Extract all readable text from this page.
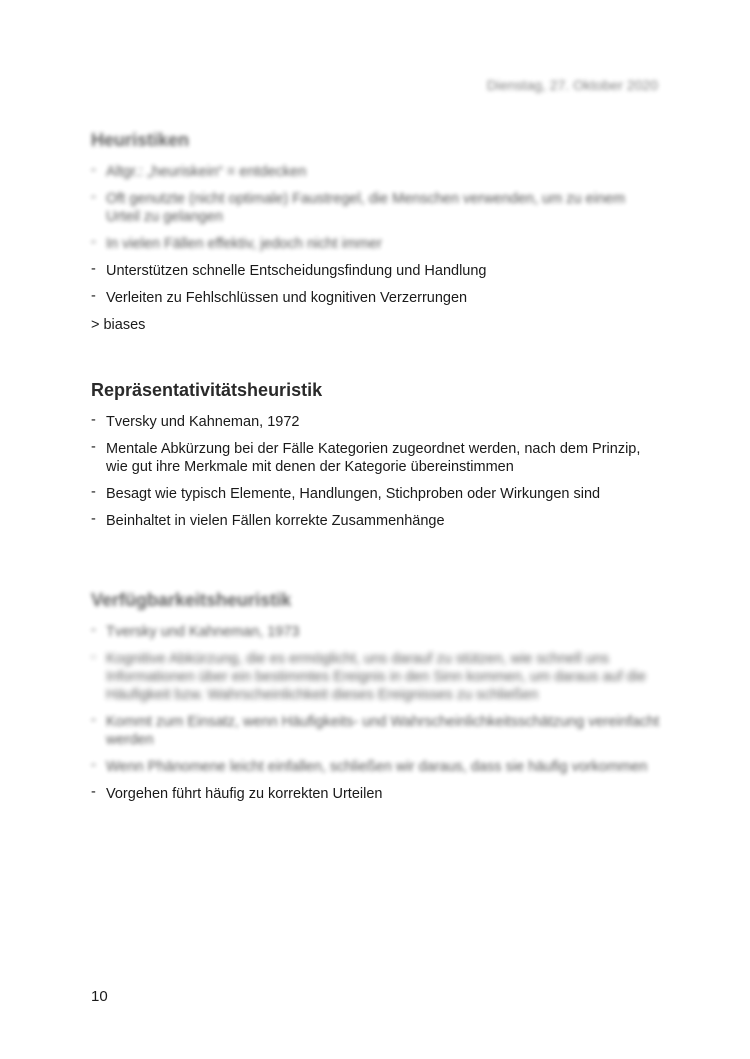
Dienstag, 27. Oktober 2020
Heuristiken
- Altgr.: „heuriskein“ = entdecken
- Oft genutzte (nicht optimale) Faustregel, die Menschen verwenden, um zu einem Urteil zu gelangen
- In vielen Fällen effektiv, jedoch nicht immer
- Unterstützen schnelle Entscheidungsfindung und Handlung
- Verleiten zu Fehlschlüssen und kognitiven Verzerrungen
> biases
Repräsentativitätsheuristik
- Tversky und Kahneman, 1972
- Mentale Abkürzung bei der Fälle Kategorien zugeordnet werden, nach dem Prinzip, wie gut ihre Merkmale mit denen der Kategorie übereinstimmen
- Besagt wie typisch Elemente, Handlungen, Stichproben oder Wirkungen sind
- Beinhaltet in vielen Fällen korrekte Zusammenhänge
Verfügbarkeitsheuristik
- Tversky und Kahneman, 1973
- Kognitive Abkürzung, die es ermöglicht, uns darauf zu stützen, wie schnell uns Informationen über ein bestimmtes Ereignis in den Sinn kommen, um daraus auf die Häufigkeit bzw. Wahrscheinlichkeit dieses Ereignisses zu schließen
- Kommt zum Einsatz, wenn Häufigkeits- und Wahrscheinlichkeitsschätzung vereinfacht werden
- Wenn Phänomene leicht einfallen, schließen wir daraus, dass sie häufig vorkommen
- Vorgehen führt häufig zu korrekten Urteilen
10
